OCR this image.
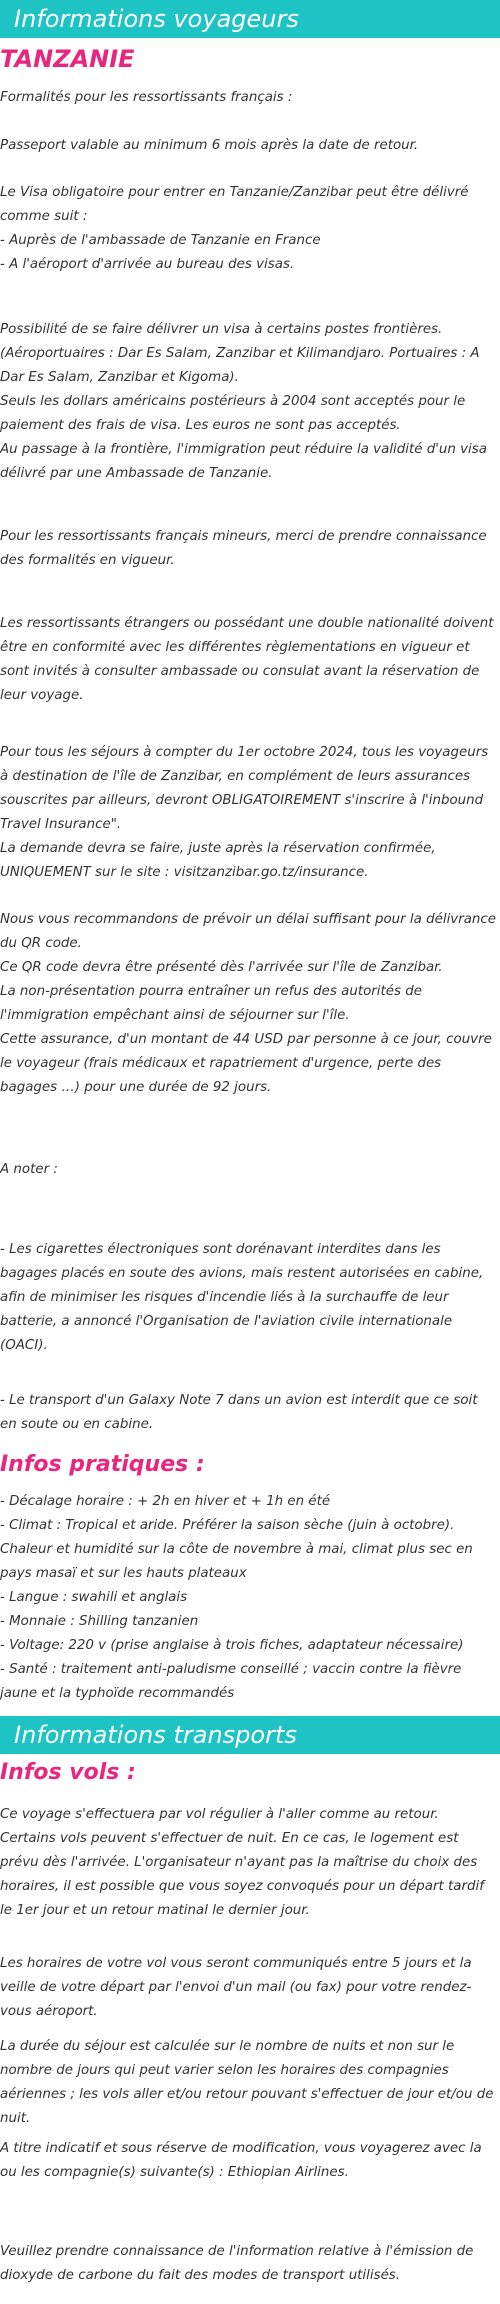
Informations voyageurs
TANZANIE

Formalités pour les ressortissants français :

Passeport valable au minimum 6 mois après la date de retour.

Le Visa obligatoire pour entrer en Tanzanie/Zanzibar peut être délivré comme suit :
- Auprès de l'ambassade de Tanzanie en France
- A l'aéroport d'arrivée au bureau des visas.

Possibilité de se faire délivrer un visa à certains postes frontières. (Aéroportuaires : Dar Es Salam, Zanzibar et Kilimandjaro. Portuaires : A Dar Es Salam, Zanzibar et Kigoma).
Seuls les dollars américains postérieurs à 2004 sont acceptés pour le paiement des frais de visa. Les euros ne sont pas acceptés.
Au passage à la frontière, l'immigration peut réduire la validité d'un visa délivré par une Ambassade de Tanzanie.

Pour les ressortissants français mineurs, merci de prendre connaissance des formalités en vigueur.

Les ressortissants étrangers ou possédant une double nationalité doivent être en conformité avec les différentes règlementations en vigueur et sont invités à consulter ambassade ou consulat avant la réservation de leur voyage.

Pour tous les séjours à compter du 1er octobre 2024, tous les voyageurs à destination de l'île de Zanzibar, en complément de leurs assurances souscrites par ailleurs, devront OBLIGATOIREMENT s'inscrire à l'inbound Travel Insurance".
La demande devra se faire, juste après la réservation confirmée, UNIQUEMENT sur le site : visitzanzibar.go.tz/insurance.

Nous vous recommandons de prévoir un délai suffisant pour la délivrance du QR code.
Ce QR code devra être présenté dès l'arrivée sur l'île de Zanzibar.
La non-présentation pourra entraîner un refus des autorités de l'immigration empêchant ainsi de séjourner sur l'île.
Cette assurance, d'un montant de 44 USD par personne à ce jour, couvre le voyageur (frais médicaux et rapatriement d'urgence, perte des bagages …) pour une durée de 92 jours.

A noter :

- Les cigarettes électroniques sont dorénavant interdites dans les bagages placés en soute des avions, mais restent autorisées en cabine, afin de minimiser les risques d'incendie liés à la surchauffe de leur batterie, a annoncé l'Organisation de l'aviation civile internationale (OACI).

- Le transport d'un Galaxy Note 7 dans un avion est interdit que ce soit en soute ou en cabine.

Infos pratiques :

- Décalage horaire : + 2h en hiver et + 1h en été
- Climat : Tropical et aride. Préférer la saison sèche (juin à octobre). Chaleur et humidité sur la côte de novembre à mai, climat plus sec en pays masaï et sur les hauts plateaux
- Langue : swahili et anglais
- Monnaie : Shilling tanzanien
- Voltage: 220 v (prise anglaise à trois fiches, adaptateur nécessaire)
- Santé : traitement anti-paludisme conseillé ; vaccin contre la fièvre jaune et la typhoïde recommandés

Informations transports
Infos vols :

Ce voyage s'effectuera par vol régulier à l'aller comme au retour. Certains vols peuvent s'effectuer de nuit. En ce cas, le logement est prévu dès l'arrivée. L'organisateur n'ayant pas la maîtrise du choix des horaires, il est possible que vous soyez convoqués pour un départ tardif le 1er jour et un retour matinal le dernier jour.

Les horaires de votre vol vous seront communiqués entre 5 jours et la veille de votre départ par l'envoi d'un mail (ou fax) pour votre rendez-vous aéroport.

La durée du séjour est calculée sur le nombre de nuits et non sur le nombre de jours qui peut varier selon les horaires des compagnies aériennes ; les vols aller et/ou retour pouvant s'effectuer de jour et/ou de nuit.

A titre indicatif et sous réserve de modification, vous voyagerez avec la ou les compagnie(s) suivante(s) : Ethiopian Airlines.

Veuillez prendre connaissance de l'information relative à l'émission de dioxyde de carbone du fait des modes de transport utilisés.
